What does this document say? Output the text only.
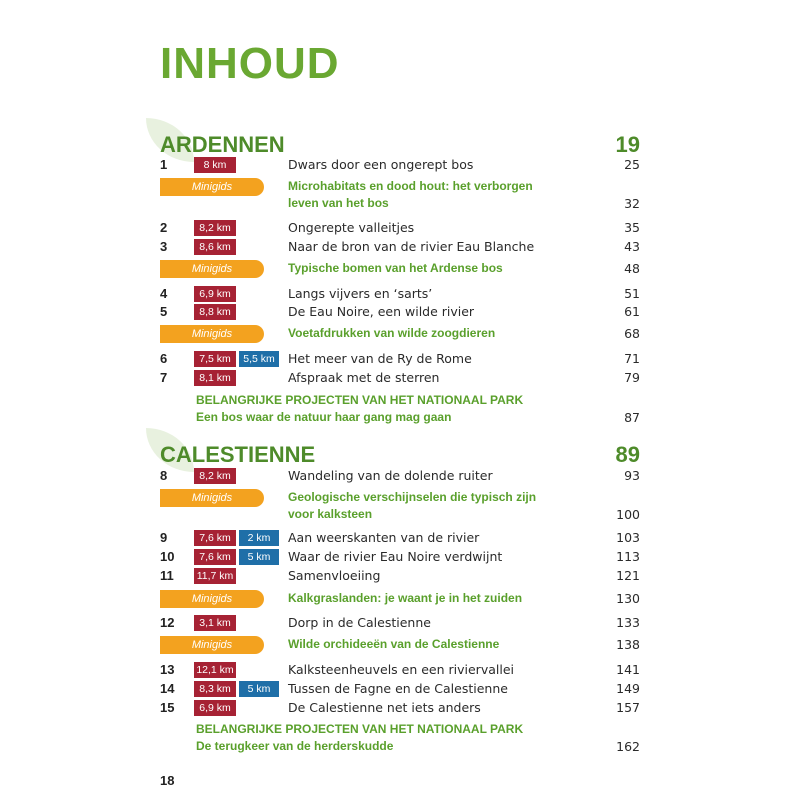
INHOUD
ARDENNEN	19
1	8 km	Dwars door een ongerept bos	25
Minigids	Microhabitats en dood hout: het verborgen leven van het bos	32
2	8,2 km	Ongerepte valleitjes	35
3	8,6 km	Naar de bron van de rivier Eau Blanche	43
Minigids	Typische bomen van het Ardense bos	48
4	6,9 km	Langs vijvers en ‘sarts’	51
5	8,8 km	De Eau Noire, een wilde rivier	61
Minigids	Voetafdrukken van wilde zoogdieren	68
6	7,5 km	5,5 km	Het meer van de Ry de Rome	71
7	8,1 km	Afspraak met de sterren	79
BELANGRIJKE PROJECTEN VAN HET NATIONAAL PARK
Een bos waar de natuur haar gang mag gaan	87
CALESTIENNE	89
8	8,2 km	Wandeling van de dolende ruiter	93
Minigids	Geologische verschijnselen die typisch zijn voor kalksteen	100
9	7,6 km	2 km	Aan weerskanten van de rivier	103
10	7,6 km	5 km	Waar de rivier Eau Noire verdwijnt	113
11 11,7 km	Samenvloeiing	121
Minigids	Kalkgraslanden: je waant je in het zuiden	130
12	3,1 km	Dorp in de Calestienne	133
Minigids	Wilde orchideeën van de Calestienne	138
13 12,1 km	Kalksteenheuvels en een riviervallei	141
14	8,3 km	5 km	Tussen de Fagne en de Calestienne	149
15	6,9 km	De Calestienne net iets anders	157
BELANGRIJKE PROJECTEN VAN HET NATIONAAL PARK
De terugkeer van de herderskudde	162
18
